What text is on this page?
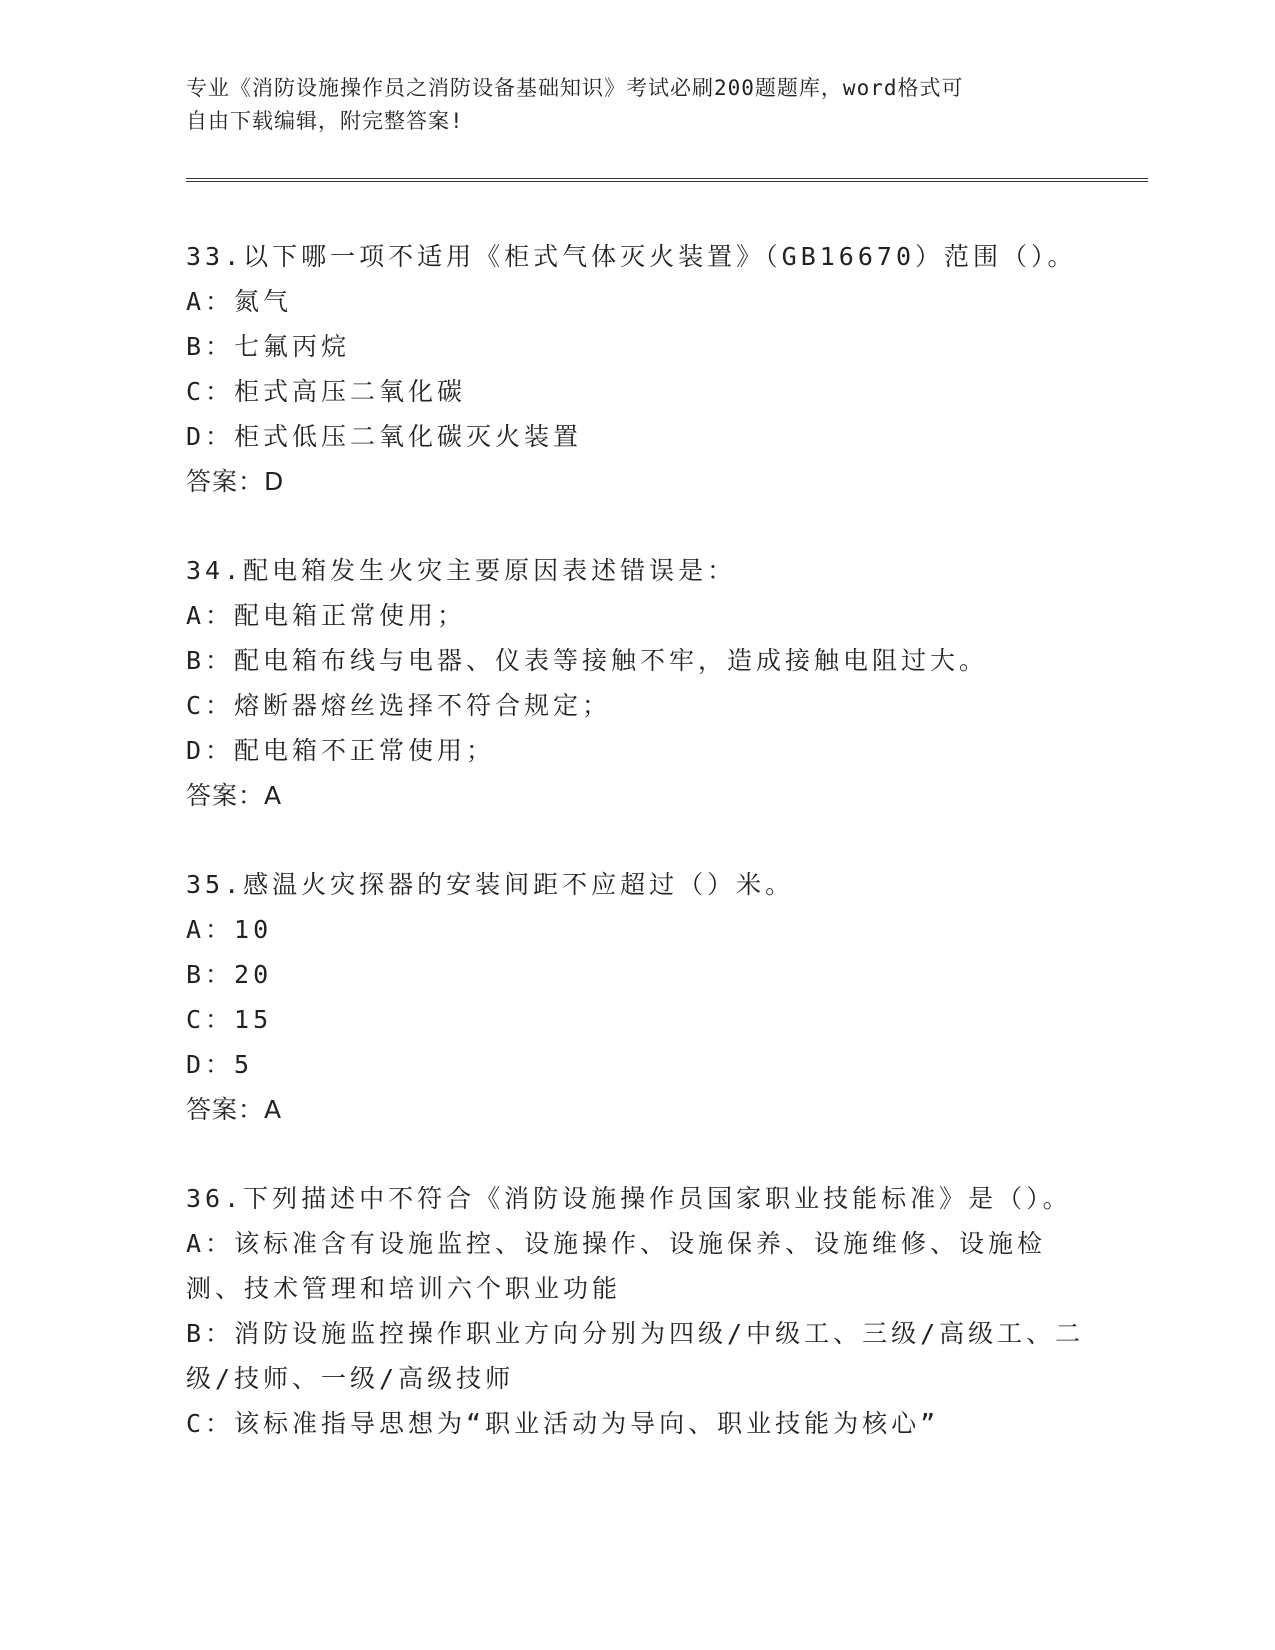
专业《消防设施操作员之消防设备基础知识》考试必刷200题题库，word格式可
自由下载编辑，附完整答案!
33.以下哪一项不适用《柜式气体灭火装置》（GB16670）范围（）。
A：氮气
B：七氟丙烷
C：柜式高压二氧化碳
D：柜式低压二氧化碳灭火装置
答案：D
34.配电箱发生火灾主要原因表述错误是：
A：配电箱正常使用；
B：配电箱布线与电器、仪表等接触不牢，造成接触电阻过大。
C：熔断器熔丝选择不符合规定；
D：配电箱不正常使用；
答案：A
35.感温火灾探器的安装间距不应超过（）米。
A：10
B：20
C：15
D：5
答案：A
36.下列描述中不符合《消防设施操作员国家职业技能标准》是（）。
A：该标准含有设施监控、设施操作、设施保养、设施维修、设施检测、技术管理和培训六个职业功能
B：消防设施监控操作职业方向分别为四级/中级工、三级/高级工、二级/技师、一级/高级技师
C：该标准指导思想为“职业活动为导向、职业技能为核心”
